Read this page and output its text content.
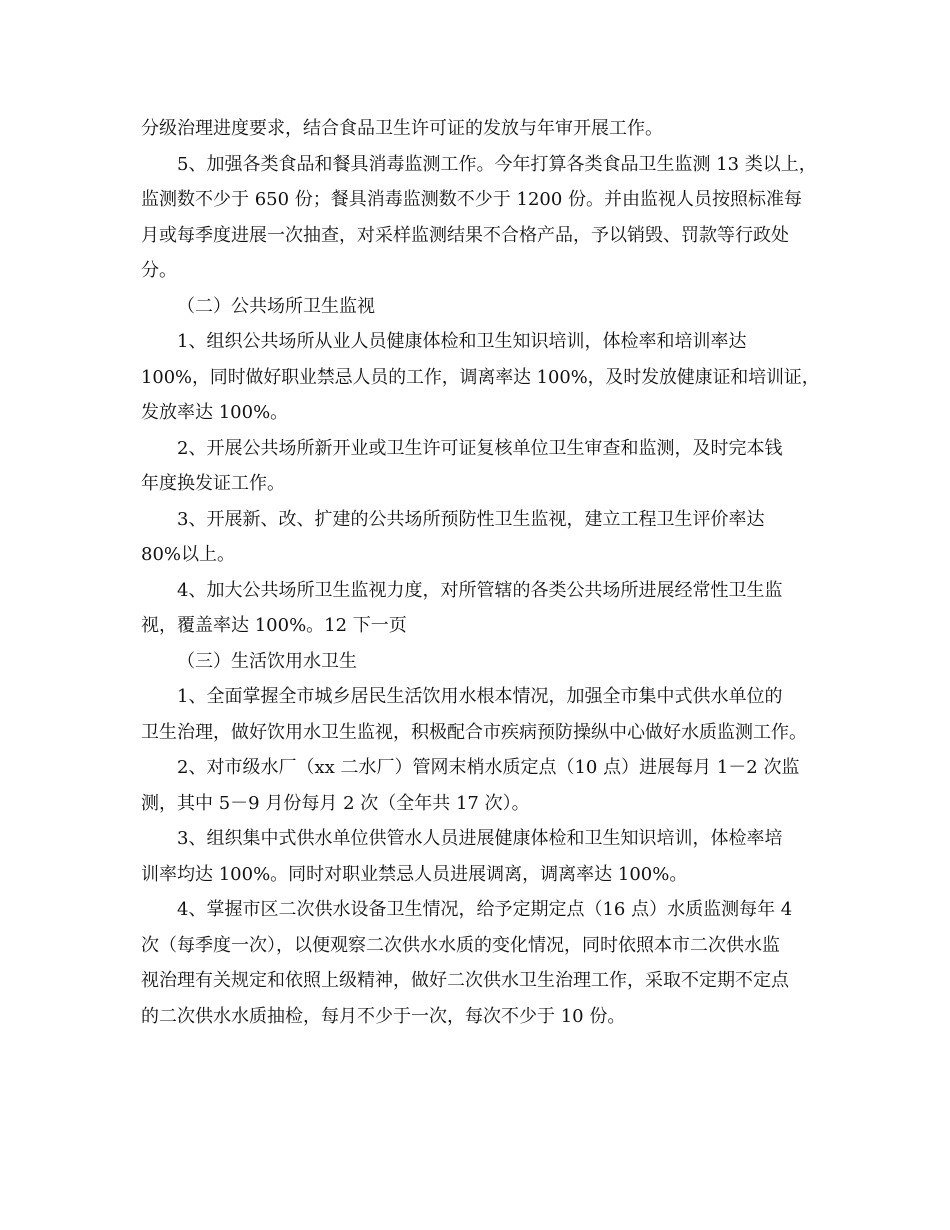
分级治理进度要求，结合食品卫生许可证的发放与年审开展工作。
5、加强各类食品和餐具消毒监测工作。今年打算各类食品卫生监测 13 类以上，
监测数不少于 650 份；餐具消毒监测数不少于 1200 份。并由监视人员按照标准每
月或每季度进展一次抽查，对采样监测结果不合格产品，予以销毁、罚款等行政处
分。
（二）公共场所卫生监视
1、组织公共场所从业人员健康体检和卫生知识培训，体检率和培训率达
100%，同时做好职业禁忌人员的工作，调离率达 100%，及时发放健康证和培训证，
发放率达 100%。
2、开展公共场所新开业或卫生许可证复核单位卫生审查和监测，及时完本钱
年度换发证工作。
3、开展新、改、扩建的公共场所预防性卫生监视，建立工程卫生评价率达
80%以上。
4、加大公共场所卫生监视力度，对所管辖的各类公共场所进展经常性卫生监
视，覆盖率达 100%。12 下一页
（三）生活饮用水卫生
1、全面掌握全市城乡居民生活饮用水根本情况，加强全市集中式供水单位的
卫生治理，做好饮用水卫生监视，积极配合市疾病预防操纵中心做好水质监测工作。
2、对市级水厂（xx 二水厂）管网末梢水质定点（10 点）进展每月 1－2 次监
测，其中 5－9 月份每月 2 次（全年共 17 次）。
3、组织集中式供水单位供管水人员进展健康体检和卫生知识培训，体检率培
训率均达 100%。同时对职业禁忌人员进展调离，调离率达 100%。
4、掌握市区二次供水设备卫生情况，给予定期定点（16 点）水质监测每年 4
次（每季度一次），以便观察二次供水水质的变化情况，同时依照本市二次供水监
视治理有关规定和依照上级精神，做好二次供水卫生治理工作，采取不定期不定点
的二次供水水质抽检，每月不少于一次，每次不少于 10 份。
